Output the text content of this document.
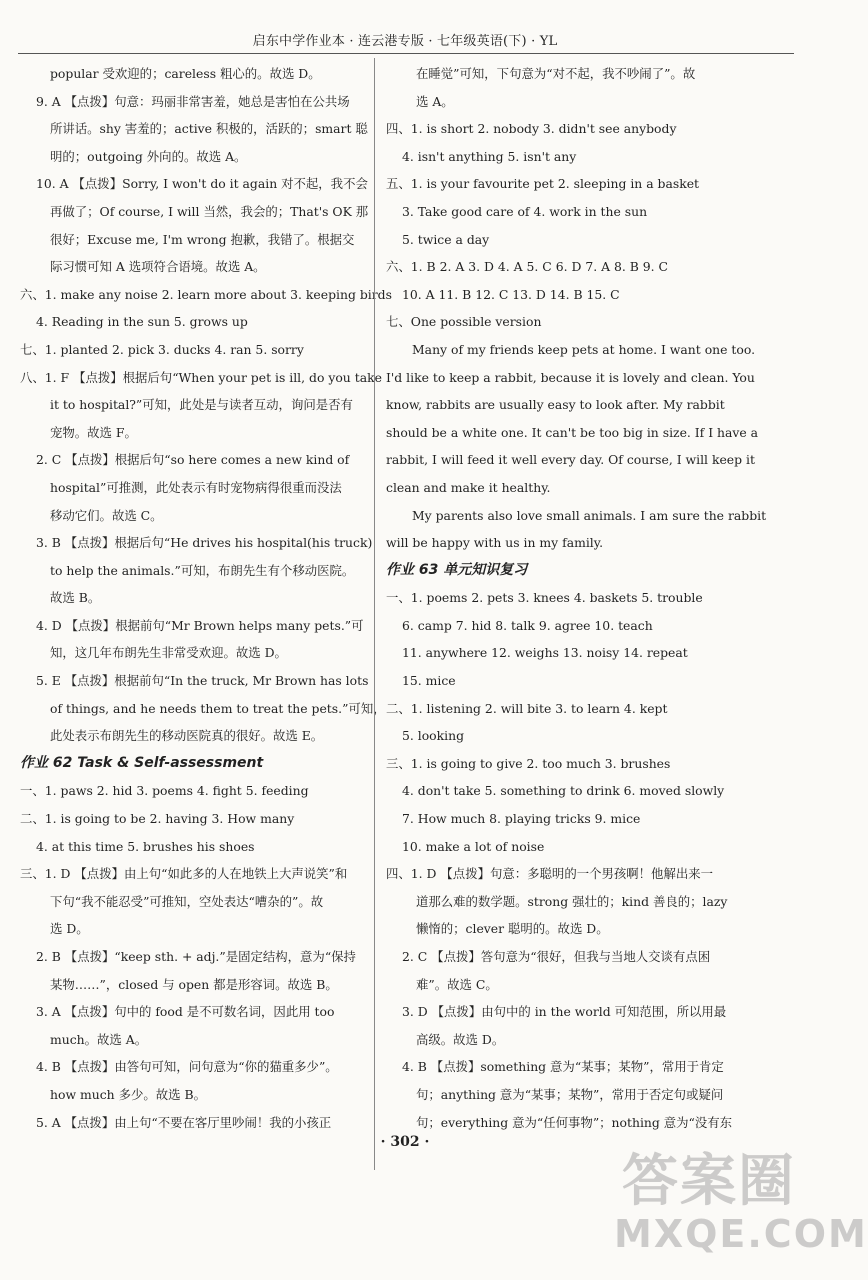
启东中学作业本 · 连云港专版 · 七年级英语(下) · YL
popular 受欢迎的；careless 粗心的。故选 D。
9. A 【点拨】句意：玛丽非常害羞，她总是害怕在公共场
所讲话。shy 害羞的；active 积极的，活跃的；smart 聪
明的；outgoing 外向的。故选 A。
10. A 【点拨】Sorry, I won't do it again 对不起，我不会
再做了；Of course, I will 当然，我会的；That's OK 那
很好；Excuse me, I'm wrong 抱歉，我错了。根据交
际习惯可知 A 选项符合语境。故选 A。
六、1. make any noise 2. learn more about 3. keeping birds
4. Reading in the sun 5. grows up
七、1. planted 2. pick 3. ducks 4. ran 5. sorry
八、1. F 【点拨】根据后句“When your pet is ill, do you take
it to hospital?”可知，此处是与读者互动，询问是否有
宠物。故选 F。
2. C 【点拨】根据后句“so here comes a new kind of
hospital”可推测，此处表示有时宠物病得很重而没法
移动它们。故选 C。
3. B 【点拨】根据后句“He drives his hospital(his truck)
to help the animals.”可知，布朗先生有个移动医院。
故选 B。
4. D 【点拨】根据前句“Mr Brown helps many pets.”可
知，这几年布朗先生非常受欢迎。故选 D。
5. E 【点拨】根据前句“In the truck, Mr Brown has lots
of things, and he needs them to treat the pets.”可知，
此处表示布朗先生的移动医院真的很好。故选 E。
作业 62 Task & Self-assessment
一、1. paws 2. hid 3. poems 4. fight 5. feeding
二、1. is going to be 2. having 3. How many
4. at this time 5. brushes his shoes
三、1. D 【点拨】由上句“如此多的人在地铁上大声说笑”和
下句“我不能忍受”可推知，空处表达“嘈杂的”。故
选 D。
2. B 【点拨】“keep sth. + adj.”是固定结构，意为“保持
某物……”，closed 与 open 都是形容词。故选 B。
3. A 【点拨】句中的 food 是不可数名词，因此用 too
much。故选 A。
4. B 【点拨】由答句可知，问句意为“你的猫重多少”。
how much 多少。故选 B。
5. A 【点拨】由上句“不要在客厅里吵闹！我的小孩正
在睡觉”可知，下句意为“对不起，我不吵闹了”。故
选 A。
四、1. is short 2. nobody 3. didn't see anybody
4. isn't anything 5. isn't any
五、1. is your favourite pet 2. sleeping in a basket
3. Take good care of 4. work in the sun
5. twice a day
六、1. B 2. A 3. D 4. A 5. C 6. D 7. A 8. B 9. C
10. A 11. B 12. C 13. D 14. B 15. C
七、One possible version
Many of my friends keep pets at home. I want one too.
I'd like to keep a rabbit, because it is lovely and clean. You
know, rabbits are usually easy to look after. My rabbit
should be a white one. It can't be too big in size. If I have a
rabbit, I will feed it well every day. Of course, I will keep it
clean and make it healthy.
My parents also love small animals. I am sure the rabbit
will be happy with us in my family.
作业 63 单元知识复习
一、1. poems 2. pets 3. knees 4. baskets 5. trouble
6. camp 7. hid 8. talk 9. agree 10. teach
11. anywhere 12. weighs 13. noisy 14. repeat
15. mice
二、1. listening 2. will bite 3. to learn 4. kept
5. looking
三、1. is going to give 2. too much 3. brushes
4. don't take 5. something to drink 6. moved slowly
7. How much 8. playing tricks 9. mice
10. make a lot of noise
四、1. D 【点拨】句意：多聪明的一个男孩啊！他解出来一
道那么难的数学题。strong 强壮的；kind 善良的；lazy
懒惰的；clever 聪明的。故选 D。
2. C 【点拨】答句意为“很好，但我与当地人交谈有点困
难”。故选 C。
3. D 【点拨】由句中的 in the world 可知范围，所以用最
高级。故选 D。
4. B 【点拨】something 意为“某事；某物”，常用于肯定
句；anything 意为“某事；某物”，常用于否定句或疑问
句；everything 意为“任何事物”；nothing 意为“没有东
· 302 ·
答案圈
MXQE.COM
